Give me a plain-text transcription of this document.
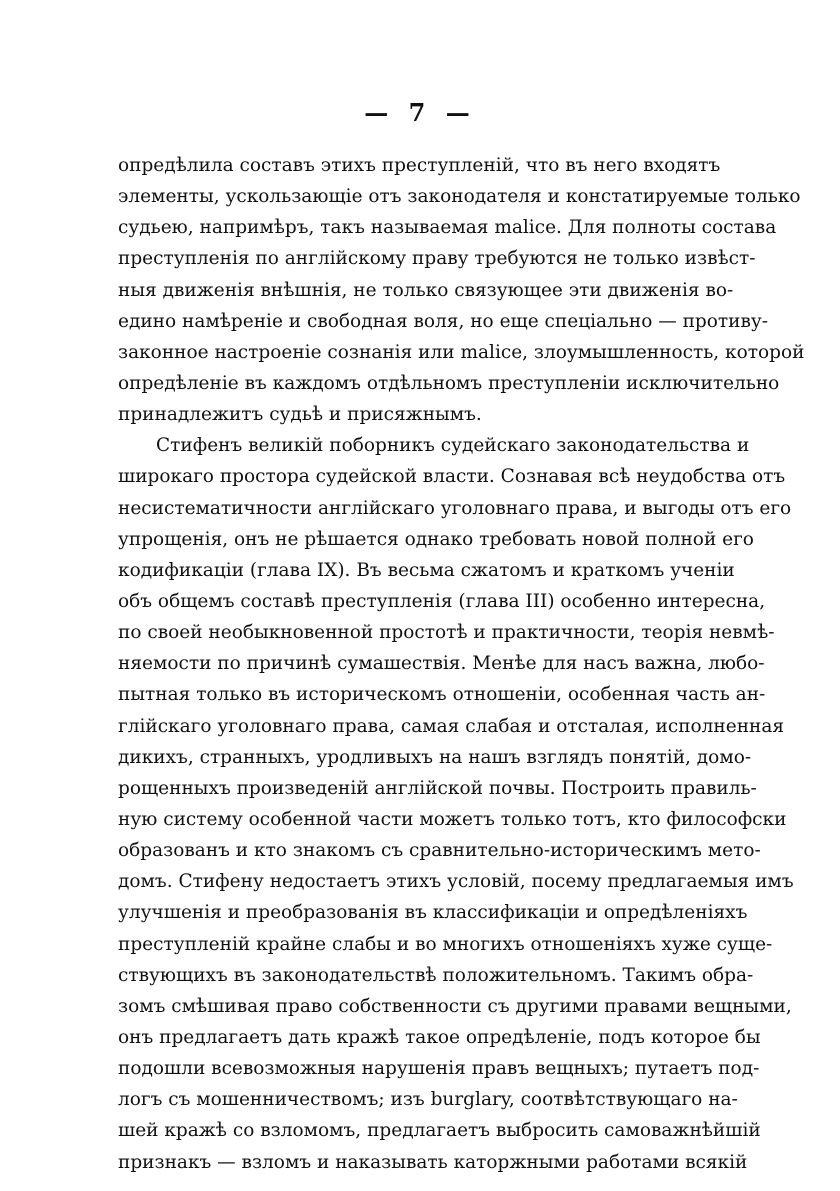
— 7 —
опредѣлила составъ этихъ преступленій, что въ него входятъ
элементы, ускользающіе отъ законодателя и констатируемые только
судьею, напримѣръ, такъ называемая malice. Для полноты состава
преступленія по англійскому праву требуются не только извѣст-
ныя движенія внѣшнія, не только связующее эти движенія во-
едино намѣреніе и свободная воля, но еще спеціально — противу-
законное настроеніе сознанія или malice, злоумышленность, которой
опредѣленіе въ каждомъ отдѣльномъ преступленіи исключительно
принадлежитъ судьѣ и присяжнымъ.
Стифенъ великій поборникъ судейскаго законодательства и
широкаго простора судейской власти. Сознавая всѣ неудобства отъ
несистематичности англійскаго уголовнаго права, и выгоды отъ его
упрощенія, онъ не рѣшается однако требовать новой полной его
кодификаціи (глава IX). Въ весьма сжатомъ и краткомъ ученіи
объ общемъ составѣ преступленія (глава III) особенно интересна,
по своей необыкновенной простотѣ и практичности, теорія невмѣ-
няемости по причинѣ сумашествія. Менѣе для насъ важна, любо-
пытная только въ историческомъ отношеніи, особенная часть ан-
глійскаго уголовнаго права, самая слабая и отсталая, исполненная
дикихъ, странныхъ, уродливыхъ на нашъ взглядъ понятій, домо-
рощенныхъ произведеній англійской почвы. Построить правиль-
ную систему особенной части можетъ только тотъ, кто философски
образованъ и кто знакомъ съ сравнительно-историческимъ мето-
домъ. Стифену недостаетъ этихъ условій, посему предлагаемыя имъ
улучшенія и преобразованія въ классификаціи и опредѣленіяхъ
преступленій крайне слабы и во многихъ отношеніяхъ хуже суще-
ствующихъ въ законодательствѣ положительномъ. Такимъ обра-
зомъ смѣшивая право собственности съ другими правами вещными,
онъ предлагаетъ дать кражѣ такое опредѣленіе, подъ которое бы
подошли всевозможныя нарушенія правъ вещныхъ; путаетъ под-
логъ съ мошенничествомъ; изъ burglary, соотвѣтствующаго на-
шей кражѣ со взломомъ, предлагаетъ выбросить самоважнѣйшій
признакъ — взломъ и наказывать каторжными работами всякій
